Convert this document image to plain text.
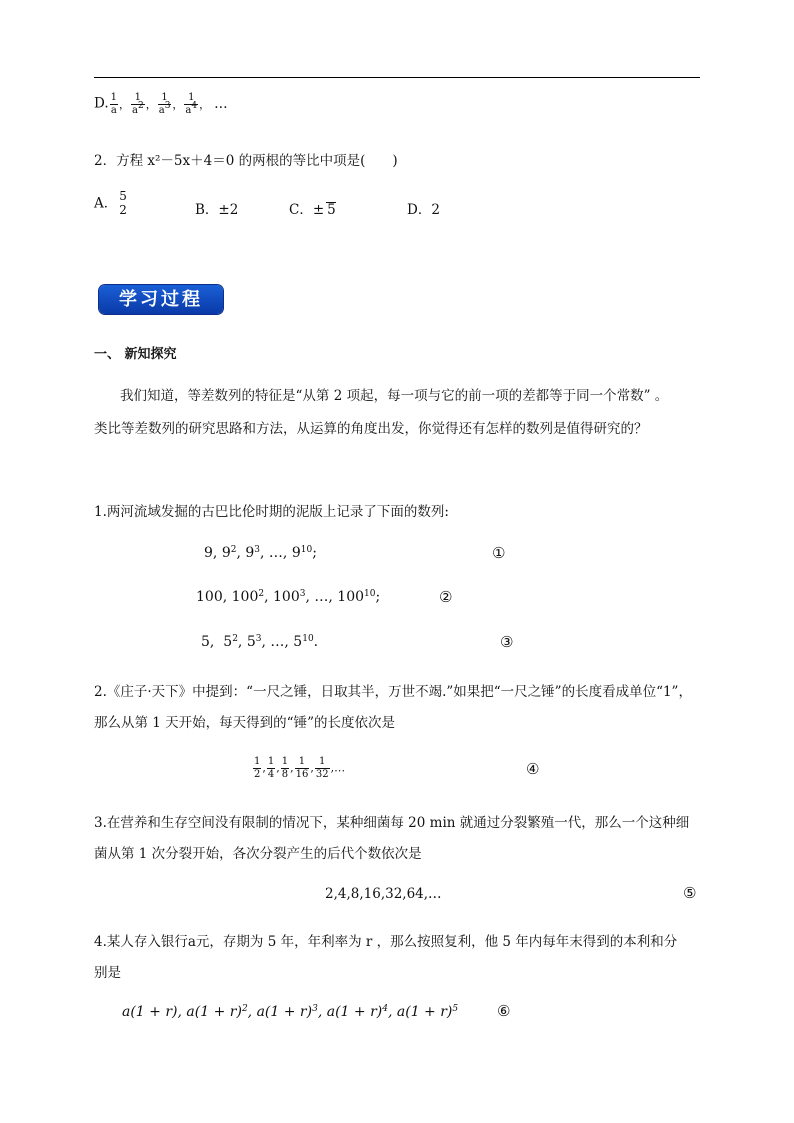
D. $\frac{1}{a}$ ， $\frac{1}{a^2}$ ， $\frac{1}{a^3}$ ， $\frac{1}{a^4}$ ， …
2．方程 x²－5x＋4＝0 的两根的等比中项是(　　)
A． 5
2	B．±2	C．± 5	D．2
学习过程
一、 新知探究
我们知道，等差数列的特征是“从第 2 项起，每一项与它的前一项的差都等于同一个常数” 。
类比等差数列的研究思路和方法，从运算的角度出发，你觉得还有怎样的数列是值得研究的？
1.两河流域发掘的古巴比伦时期的泥版上记录了下面的数列:
9, $9^2$, $9^3$, …, $9^{10}$;	①
100, $100^2$, $100^3$, …, $100^{10}$;	②
5,  $5^2$, $5^3$, …, $5^{10}$.	③
2.《庄子·天下》中提到：“一尺之锤，日取其半，万世不竭.”如果把“一尺之锤”的长度看成单位“1”，
那么从第 1 天开始，每天得到的“锤”的长度依次是
$\frac{1}{2}$ , $\frac{1}{4}$ , $\frac{1}{8}$ , $\frac{1}{16}$ , $\frac{1}{32}$ ,…	④
3.在营养和生存空间没有限制的情况下，某种细菌每 20 min 就通过分裂繁殖一代，那么一个这种细
菌从第 1 次分裂开始，各次分裂产生的后代个数依次是
2,4,8,16,32,64,…	⑤
4.某人存入银行a元，存期为 5 年，年利率为 r ，那么按照复利，他 5 年内每年末得到的本利和分
别是
a(1 + r), $a(1 + r)^2$, $a(1 + r)^3$, $a(1 + r)^4$, $a(1 + r)^5$	⑥
